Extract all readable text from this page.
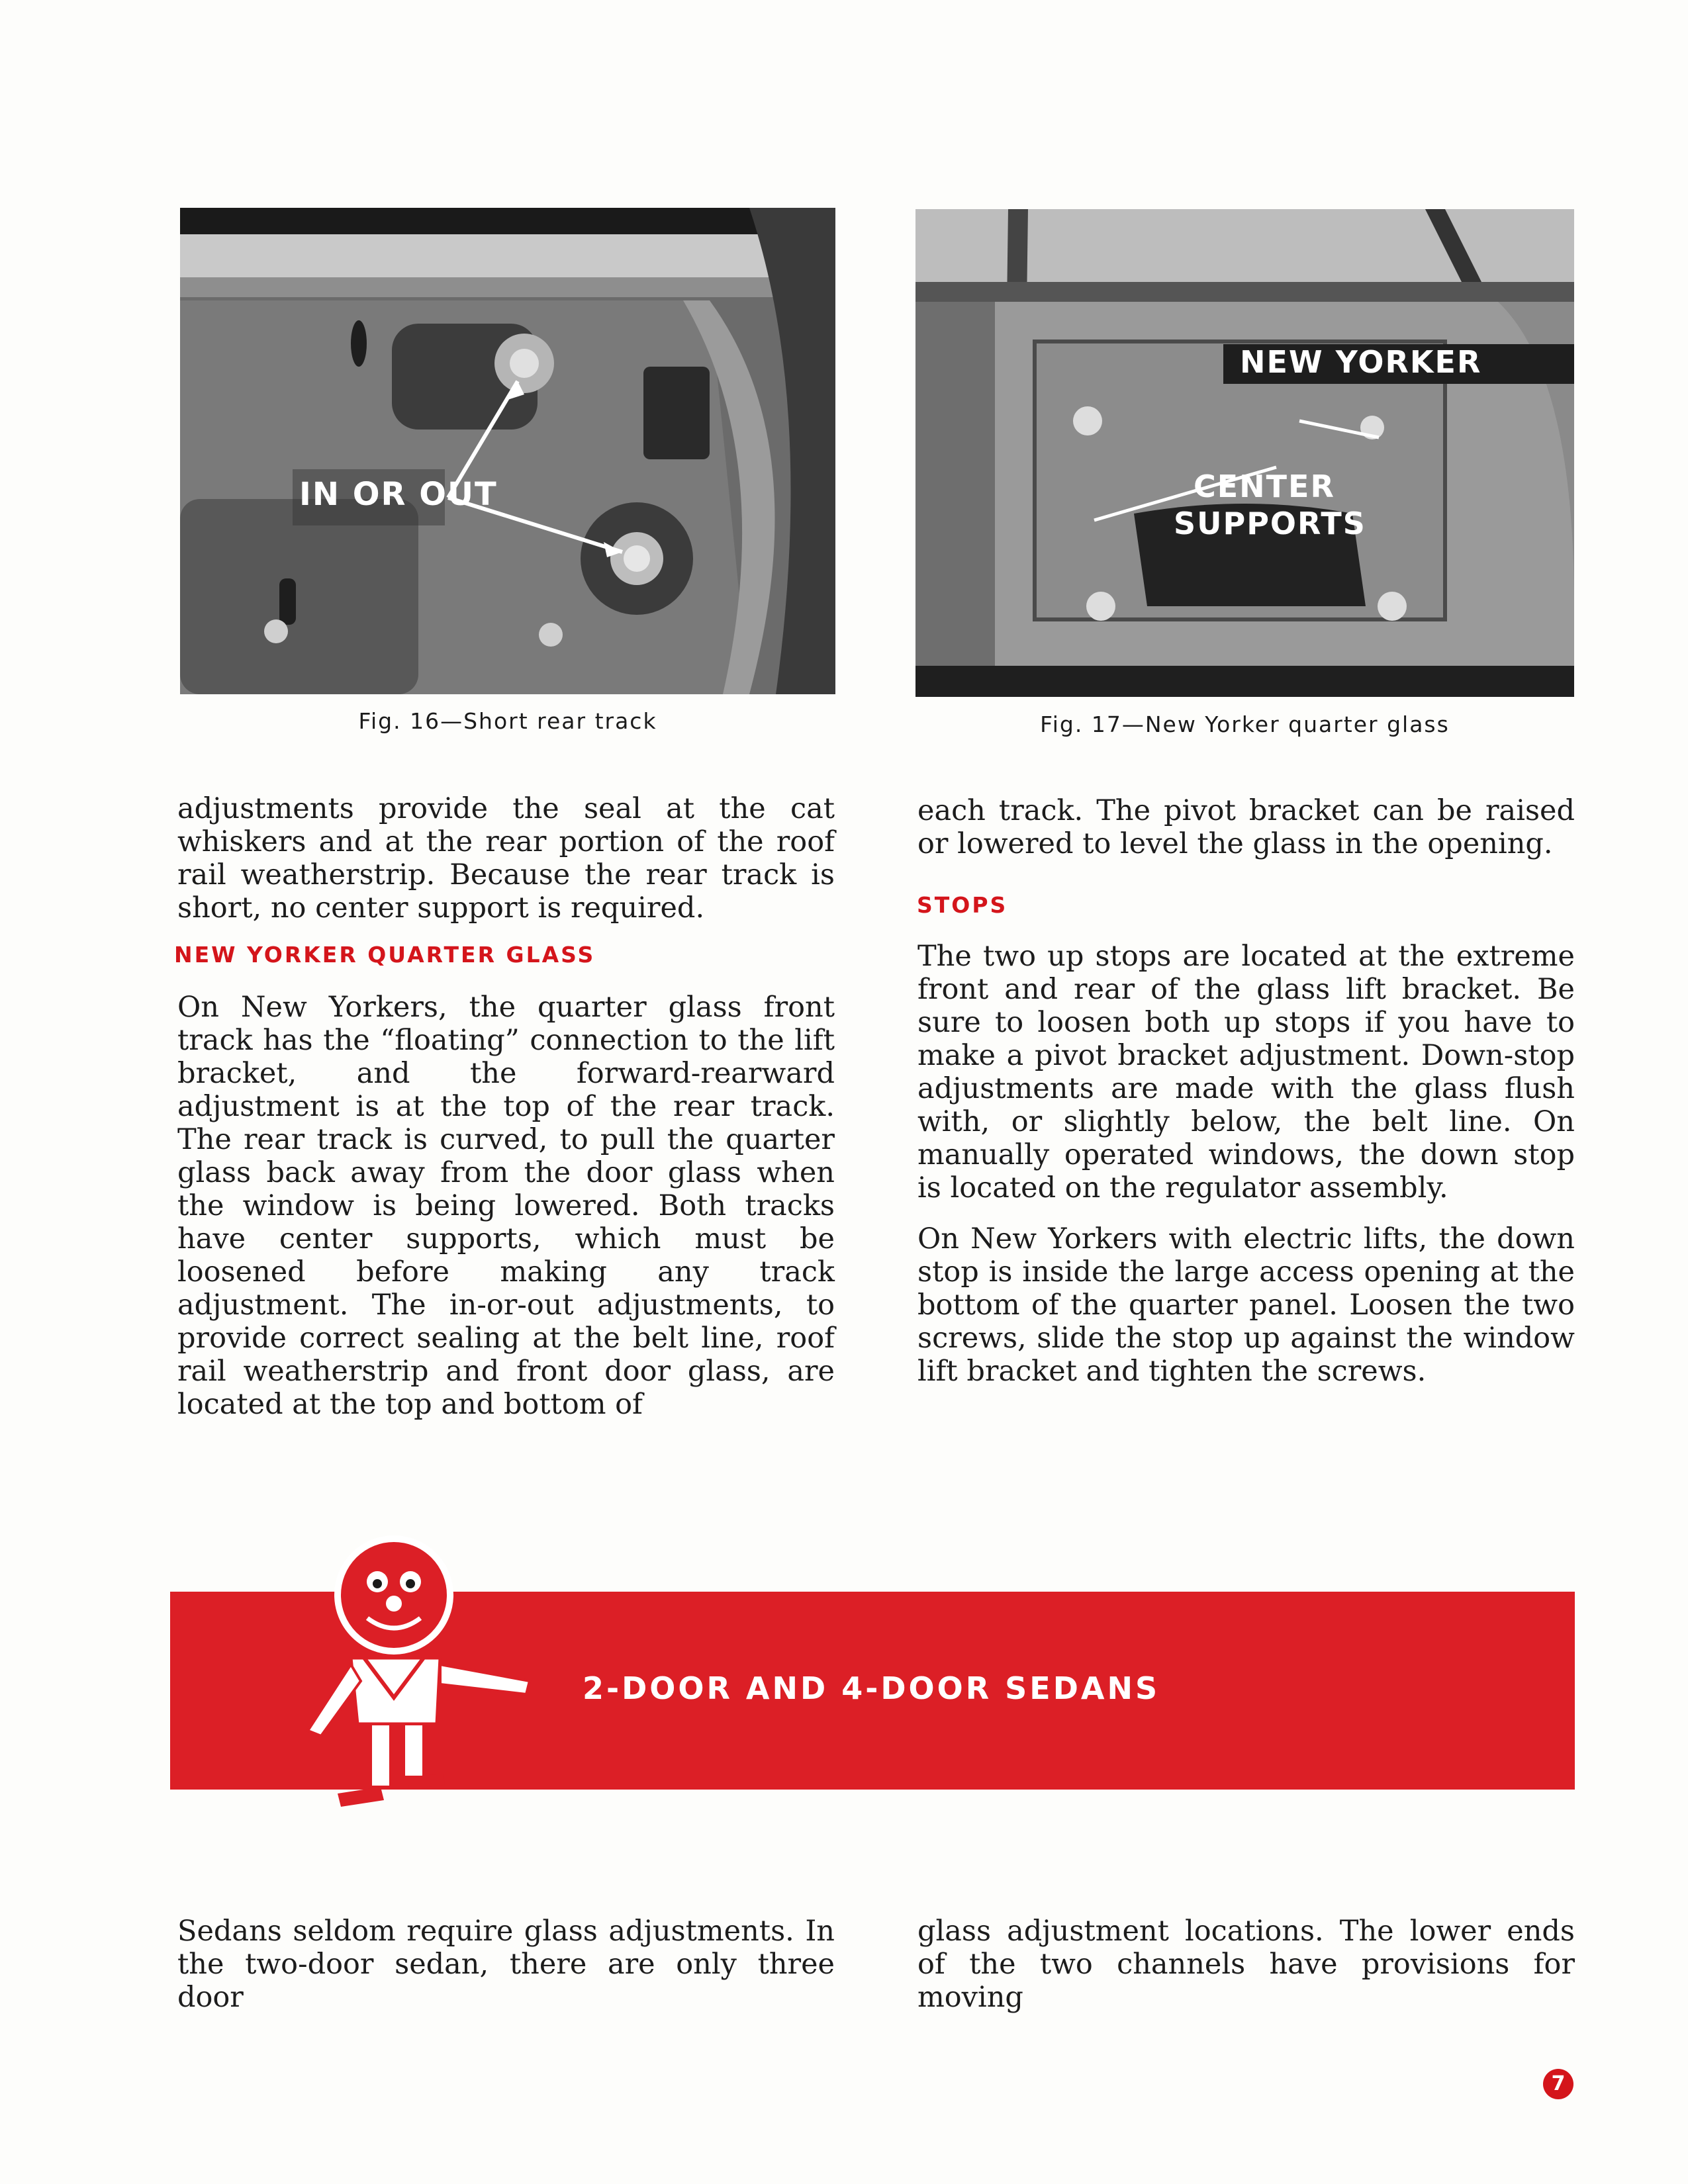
IN OR OUT
Fig. 16—Short rear track
NEW YORKER
CENTER
SUPPORTS
Fig. 17—New Yorker quarter glass

adjustments provide the seal at the cat whiskers and at the rear portion of the roof rail weatherstrip. Because the rear track is short, no center support is required.

NEW YORKER QUARTER GLASS

On New Yorkers, the quarter glass front track has the “floating” connection to the lift bracket, and the forward-rearward adjustment is at the top of the rear track. The rear track is curved, to pull the quarter glass back away from the door glass when the window is being lowered. Both tracks have center supports, which must be loosened before making any track adjustment. The in-or-out adjustments, to provide correct sealing at the belt line, roof rail weatherstrip and front door glass, are located at the top and bottom of

each track. The pivot bracket can be raised or lowered to level the glass in the opening.

STOPS

The two up stops are located at the extreme front and rear of the glass lift bracket. Be sure to loosen both up stops if you have to make a pivot bracket adjustment. Down-stop adjustments are made with the glass flush with, or slightly below, the belt line. On manually operated windows, the down stop is located on the regulator assembly.

On New Yorkers with electric lifts, the down stop is inside the large access opening at the bottom of the quarter panel. Loosen the two screws, slide the stop up against the window lift bracket and tighten the screws.

2-DOOR AND 4-DOOR SEDANS

Sedans seldom require glass adjustments. In the two-door sedan, there are only three door

glass adjustment locations. The lower ends of the two channels have provisions for moving

7
